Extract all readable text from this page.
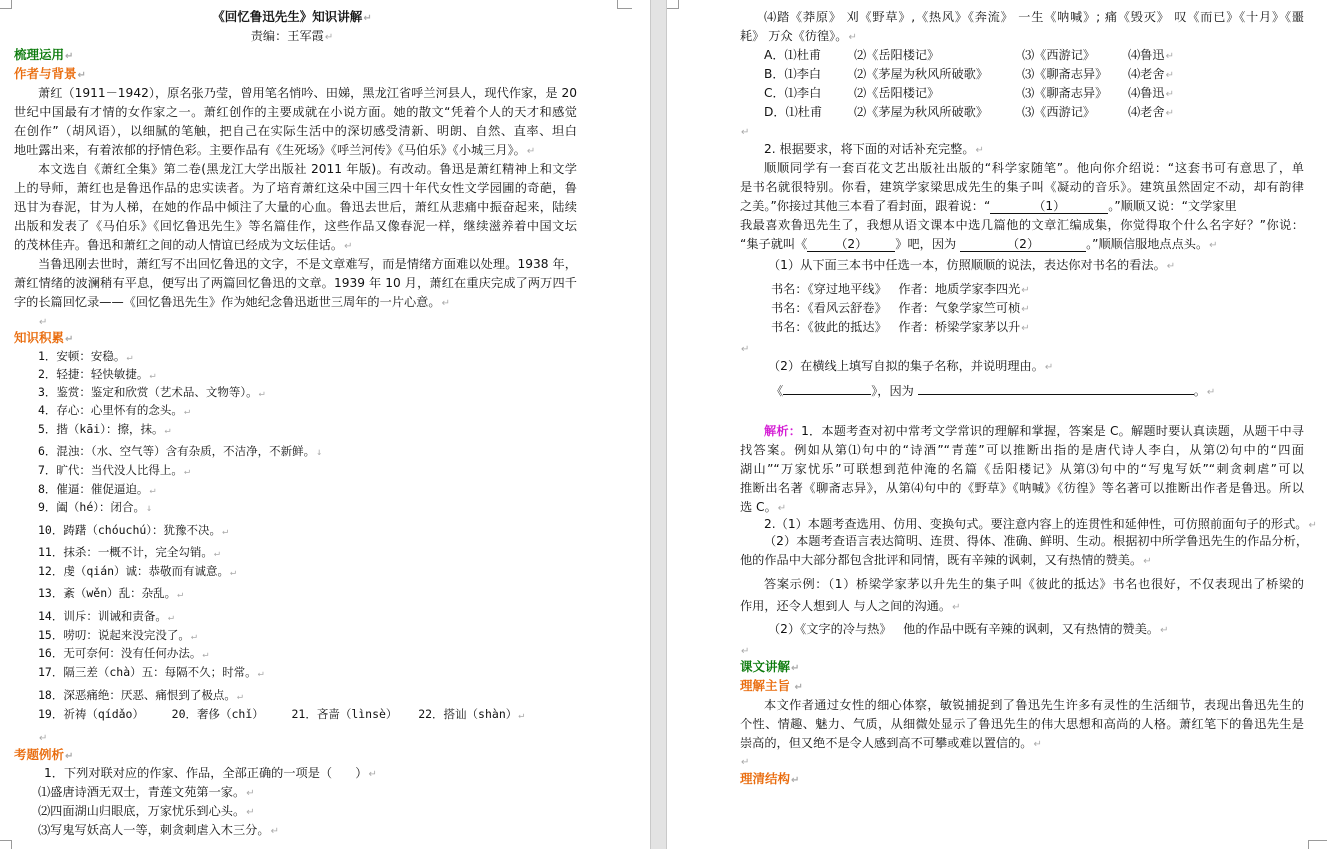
《回忆鲁迅先生》知识讲解↵
责编：王军霞↵
梳理运用↵
作者与背景↵
萧红（1911－1942），原名张乃莹，曾用笔名悄吟、田娣，黑龙江省呼兰河县人，现代作家，是 20
世纪中国最有才情的女作家之一。萧红创作的主要成就在小说方面。她的散文“凭着个人的天才和感觉
在创作”（胡风语），以细腻的笔触，把自己在实际生活中的深切感受清新、明朗、自然、直率、坦白
地吐露出来，有着浓郁的抒情色彩。主要作品有《生死场》《呼兰河传》《马伯乐》《小城三月》。↵
本文选自《萧红全集》第二卷(黑龙江大学出版社 2011 年版)。有改动。鲁迅是萧红精神上和文学
上的导师，萧红也是鲁迅作品的忠实读者。为了培育萧红这朵中国三四十年代女性文学园圃的奇葩，鲁
迅甘为春泥，甘为人梯，在她的作品中倾注了大量的心血。鲁迅去世后，萧红从悲痛中振奋起来，陆续
出版和发表了《马伯乐》《回忆鲁迅先生》等名篇佳作，这些作品又像春泥一样，继续滋养着中国文坛
的茂林佳卉。鲁迅和萧红之间的动人情谊已经成为文坛佳话。↵
当鲁迅刚去世时，萧红写不出回忆鲁迅的文字，不是文章难写，而是情绪方面难以处理。1938 年，
萧红情绪的波澜稍有平息，便写出了两篇回忆鲁迅的文章。1939 年 10 月，萧红在重庆完成了两万四千
字的长篇回忆录——《回忆鲁迅先生》作为她纪念鲁迅逝世三周年的一片心意。↵
↵
知识积累↵
1．安顿：安稳。↵
2．轻捷：轻快敏捷。↵
3．鉴赏：鉴定和欣赏（艺术品、文物等）。↵
4．存心：心里怀有的念头。↵
5．揩（kāi）：擦，抹。↵
6．混浊：（水、空气等）含有杂质，不洁净，不新鲜。↓
7．旷代：当代没人比得上。↵
8．催逼：催促逼迫。↵
9．阖（hé）：闭合。↓
10．踌躇（chóuchú）：犹豫不决。↵
11．抹杀：一概不计，完全勾销。↵
12．虔（qián）诚：恭敬而有诚意。↵
13．紊（wěn）乱：杂乱。↵
14．训斥：训诫和责备。↵
15．唠叨：说起来没完没了。↵
16．无可奈何：没有任何办法。↵
17．隔三差（chà）五：每隔不久；时常。↵
18．深恶痛绝：厌恶、痛恨到了极点。↵
19．祈祷（qídǎo）    20．奢侈（chǐ）    21．吝啬（lìnsè）   22．搭讪（shàn）↵
↵
考题例析↵
1．下列对联对应的作家、作品，全部正确的一项是（      ）↵
⑴盛唐诗酒无双士，青莲文苑第一家。↵
⑵四面湖山归眼底，万家忧乐到心头。↵
⑶写鬼写妖高人一等，刺贪刺虐入木三分。↵
⑷踏《莽原》 刈《野草》,《热风》《奔流》 一生《呐喊》; 痛《毁灭》 叹《而已》《十月》《噩
耗》 万众《彷徨》。↵
A．⑴杜甫	⑵《岳阳楼记》	⑶《西游记》	⑷鲁迅↵
B．⑴李白	⑵《茅屋为秋风所破歌》	⑶《聊斋志异》 ⑷老舍↵
C．⑴李白	⑵《岳阳楼记》	⑶《聊斋志异》 ⑷鲁迅↵
D．⑴杜甫	⑵《茅屋为秋风所破歌》	⑶《西游记》	⑷老舍↵
↵
2. 根据要求，将下面的对话补充完整。↵
顺顺同学有一套百花文艺出版社出版的“科学家随笔”。他向你介绍说：“这套书可有意思了，单
是书名就很特别。你看，建筑学家梁思成先生的集子叫《凝动的音乐》。建筑虽然固定不动，却有韵律
之美。”你接过其他三本看了看封面，跟着说：“	（1）	。”顺顺又说：“文学家里
我最喜欢鲁迅先生了，我想从语文课本中选几篇他的文章汇编成集，你觉得取个什么名字好？”你说：
“集子就叫《 （2） 》吧，因为	（2）	。”顺顺信服地点点头。↵
（1）从下面三本书中任选一本，仿照顺顺的说法，表达你对书名的看法。↵
书名：《穿过地平线》   作者：地质学家李四光↵
书名：《看风云舒卷》   作者：气象学家竺可桢↵
书名：《彼此的抵达》   作者：桥梁学家茅以升↵
↵
（2）在横线上填写自拟的集子名称，并说明理由。↵
《	》，因为	。↵
解析：1．本题考查对初中常考文学常识的理解和掌握，答案是 C。解题时要认真读题，从题干中寻
找答案。例如从第⑴句中的“诗酒”“青莲”可以推断出指的是唐代诗人李白，从第⑵句中的“四面
湖山”“万家忧乐”可联想到范仲淹的名篇《岳阳楼记》从第⑶句中的“写鬼写妖”“刺贪刺虐”可以
推断出名著《聊斋志异》，从第⑷句中的《野草》《呐喊》《彷徨》等名著可以推断出作者是鲁迅。所以
选 C。↵
2.（1）本题考查选用、仿用、变换句式。要注意内容上的连贯性和延伸性，可仿照前面句子的形式。↵
（2）本题考查语言表达简明、连贯、得体、准确、鲜明、生动。根据初中所学鲁迅先生的作品分析，
他的作品中大部分都包含批评和同情，既有辛辣的讽刺，又有热情的赞美。↵
答案示例：（1）桥梁学家茅以升先生的集子叫《彼此的抵达》书名也很好，不仅表现出了桥梁的
作用，还令人想到人 与人之间的沟通。↵
（2）《文字的冷与热》   他的作品中既有辛辣的讽刺，又有热情的赞美。↵
↵
课文讲解↵
理解主旨 ↵
本文作者通过女性的细心体察，敏锐捕捉到了鲁迅先生许多有灵性的生活细节，表现出鲁迅先生的
个性、情趣、魅力、气质，从细微处显示了鲁迅先生的伟大思想和高尚的人格。萧红笔下的鲁迅先生是
崇高的，但又绝不是令人感到高不可攀或难以置信的。↵
↵
理清结构↵
